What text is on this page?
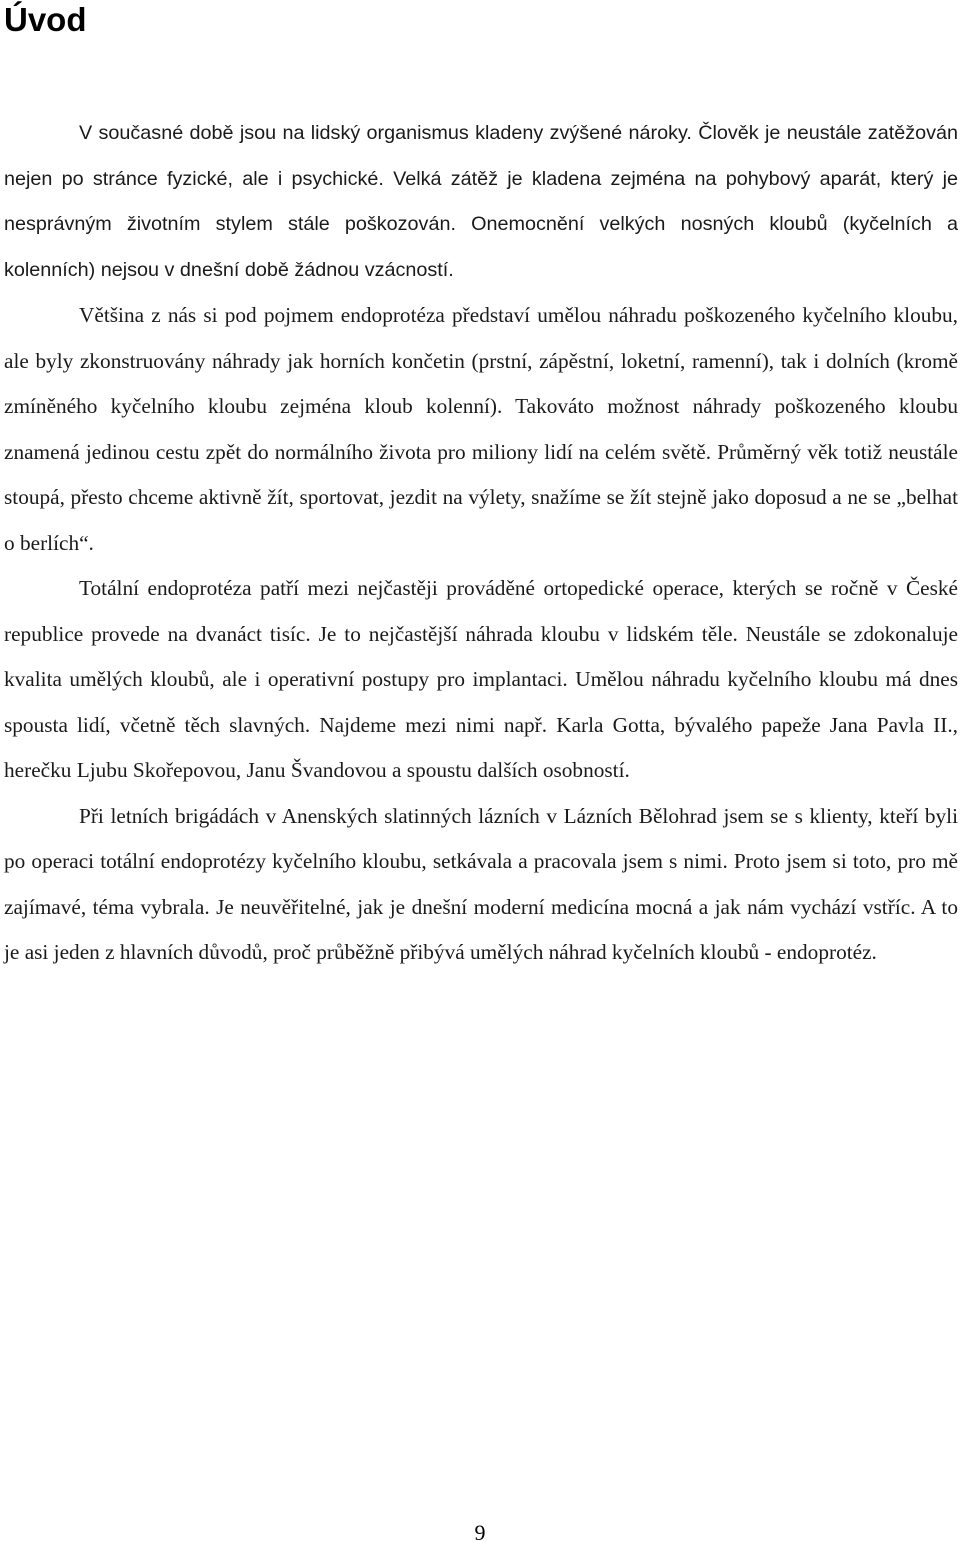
Úvod

V současné době jsou na lidský organismus kladeny zvýšené nároky. Člověk je neustále zatěžován nejen po stránce fyzické, ale i psychické. Velká zátěž je kladena zejména na pohybový aparát, který je nesprávným životním stylem stále poškozován. Onemocnění velkých nosných kloubů (kyčelních a kolenních) nejsou v dnešní době žádnou vzácností.

Většina z nás si pod pojmem endoprotéza představí umělou náhradu poškozeného kyčelního kloubu, ale byly zkonstruovány náhrady jak horních končetin (prstní, zápěstní, loketní, ramenní), tak i dolních (kromě zmíněného kyčelního kloubu zejména kloub kolenní). Takováto možnost náhrady poškozeného kloubu znamená jedinou cestu zpět do normálního života pro miliony lidí na celém světě. Průměrný věk totiž neustále stoupá, přesto chceme aktivně žít, sportovat, jezdit na výlety, snažíme se žít stejně jako doposud a ne se „belhat o berlích“.

Totální endoprotéza patří mezi nejčastěji prováděné ortopedické operace, kterých se ročně v České republice provede na dvanáct tisíc. Je to nejčastější náhrada kloubu v lidském těle. Neustále se zdokonaluje kvalita umělých kloubů, ale i operativní postupy pro implantaci. Umělou náhradu kyčelního kloubu má dnes spousta lidí, včetně těch slavných. Najdeme mezi nimi např. Karla Gotta, bývalého papeže Jana Pavla II., herečku Ljubu Skořepovou, Janu Švandovou a spoustu dalších osobností.

Při letních brigádách v Anenských slatinných lázních v Lázních Bělohrad jsem se s klienty, kteří byli po operaci totální endoprotézy kyčelního kloubu, setkávala a pracovala jsem s nimi. Proto jsem si toto, pro mě zajímavé, téma vybrala. Je neuvěřitelné, jak je dnešní moderní medicína mocná a jak nám vychází vstříc. A to je asi jeden z hlavních důvodů, proč průběžně přibývá umělých náhrad kyčelních kloubů - endoprotéz.

9
